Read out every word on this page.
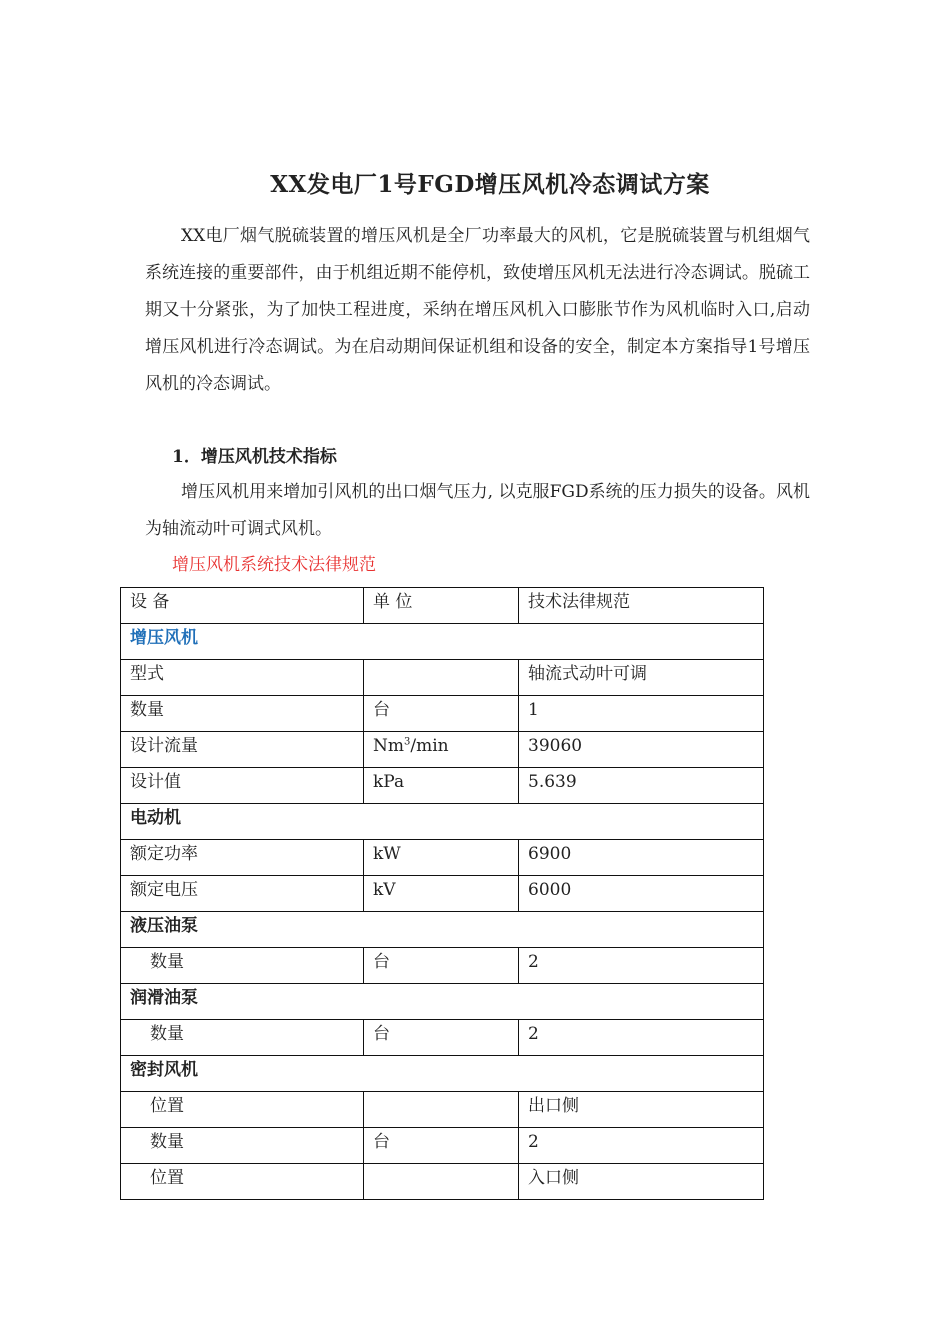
XX发电厂1号FGD增压风机冷态调试方案
XX电厂烟气脱硫装置的增压风机是全厂功率最大的风机，它是脱硫装置与机组烟气系统连接的重要部件，由于机组近期不能停机，致使增压风机无法进行冷态调试。脱硫工期又十分紧张，为了加快工程进度，采纳在增压风机入口膨胀节作为风机临时入口,启动增压风机进行冷态调试。为在启动期间保证机组和设备的安全，制定本方案指导1号增压风机的冷态调试。
1．增压风机技术指标
增压风机用来增加引风机的出口烟气压力, 以克服FGD系统的压力损失的设备。风机为轴流动叶可调式风机。
增压风机系统技术法律规范
设 备	单 位	技术法律规范
增压风机		
型式		轴流式动叶可调
数量	台	1
设计流量	Nm$^3$/min	39060
设计值	kPa	5.639
电动机		
额定功率	kW	6900
额定电压	kV	6000
液压油泵		
数量	台	2
润滑油泵		
数量	台	2
密封风机		
位置		出口侧
数量	台	2
位置		入口侧
